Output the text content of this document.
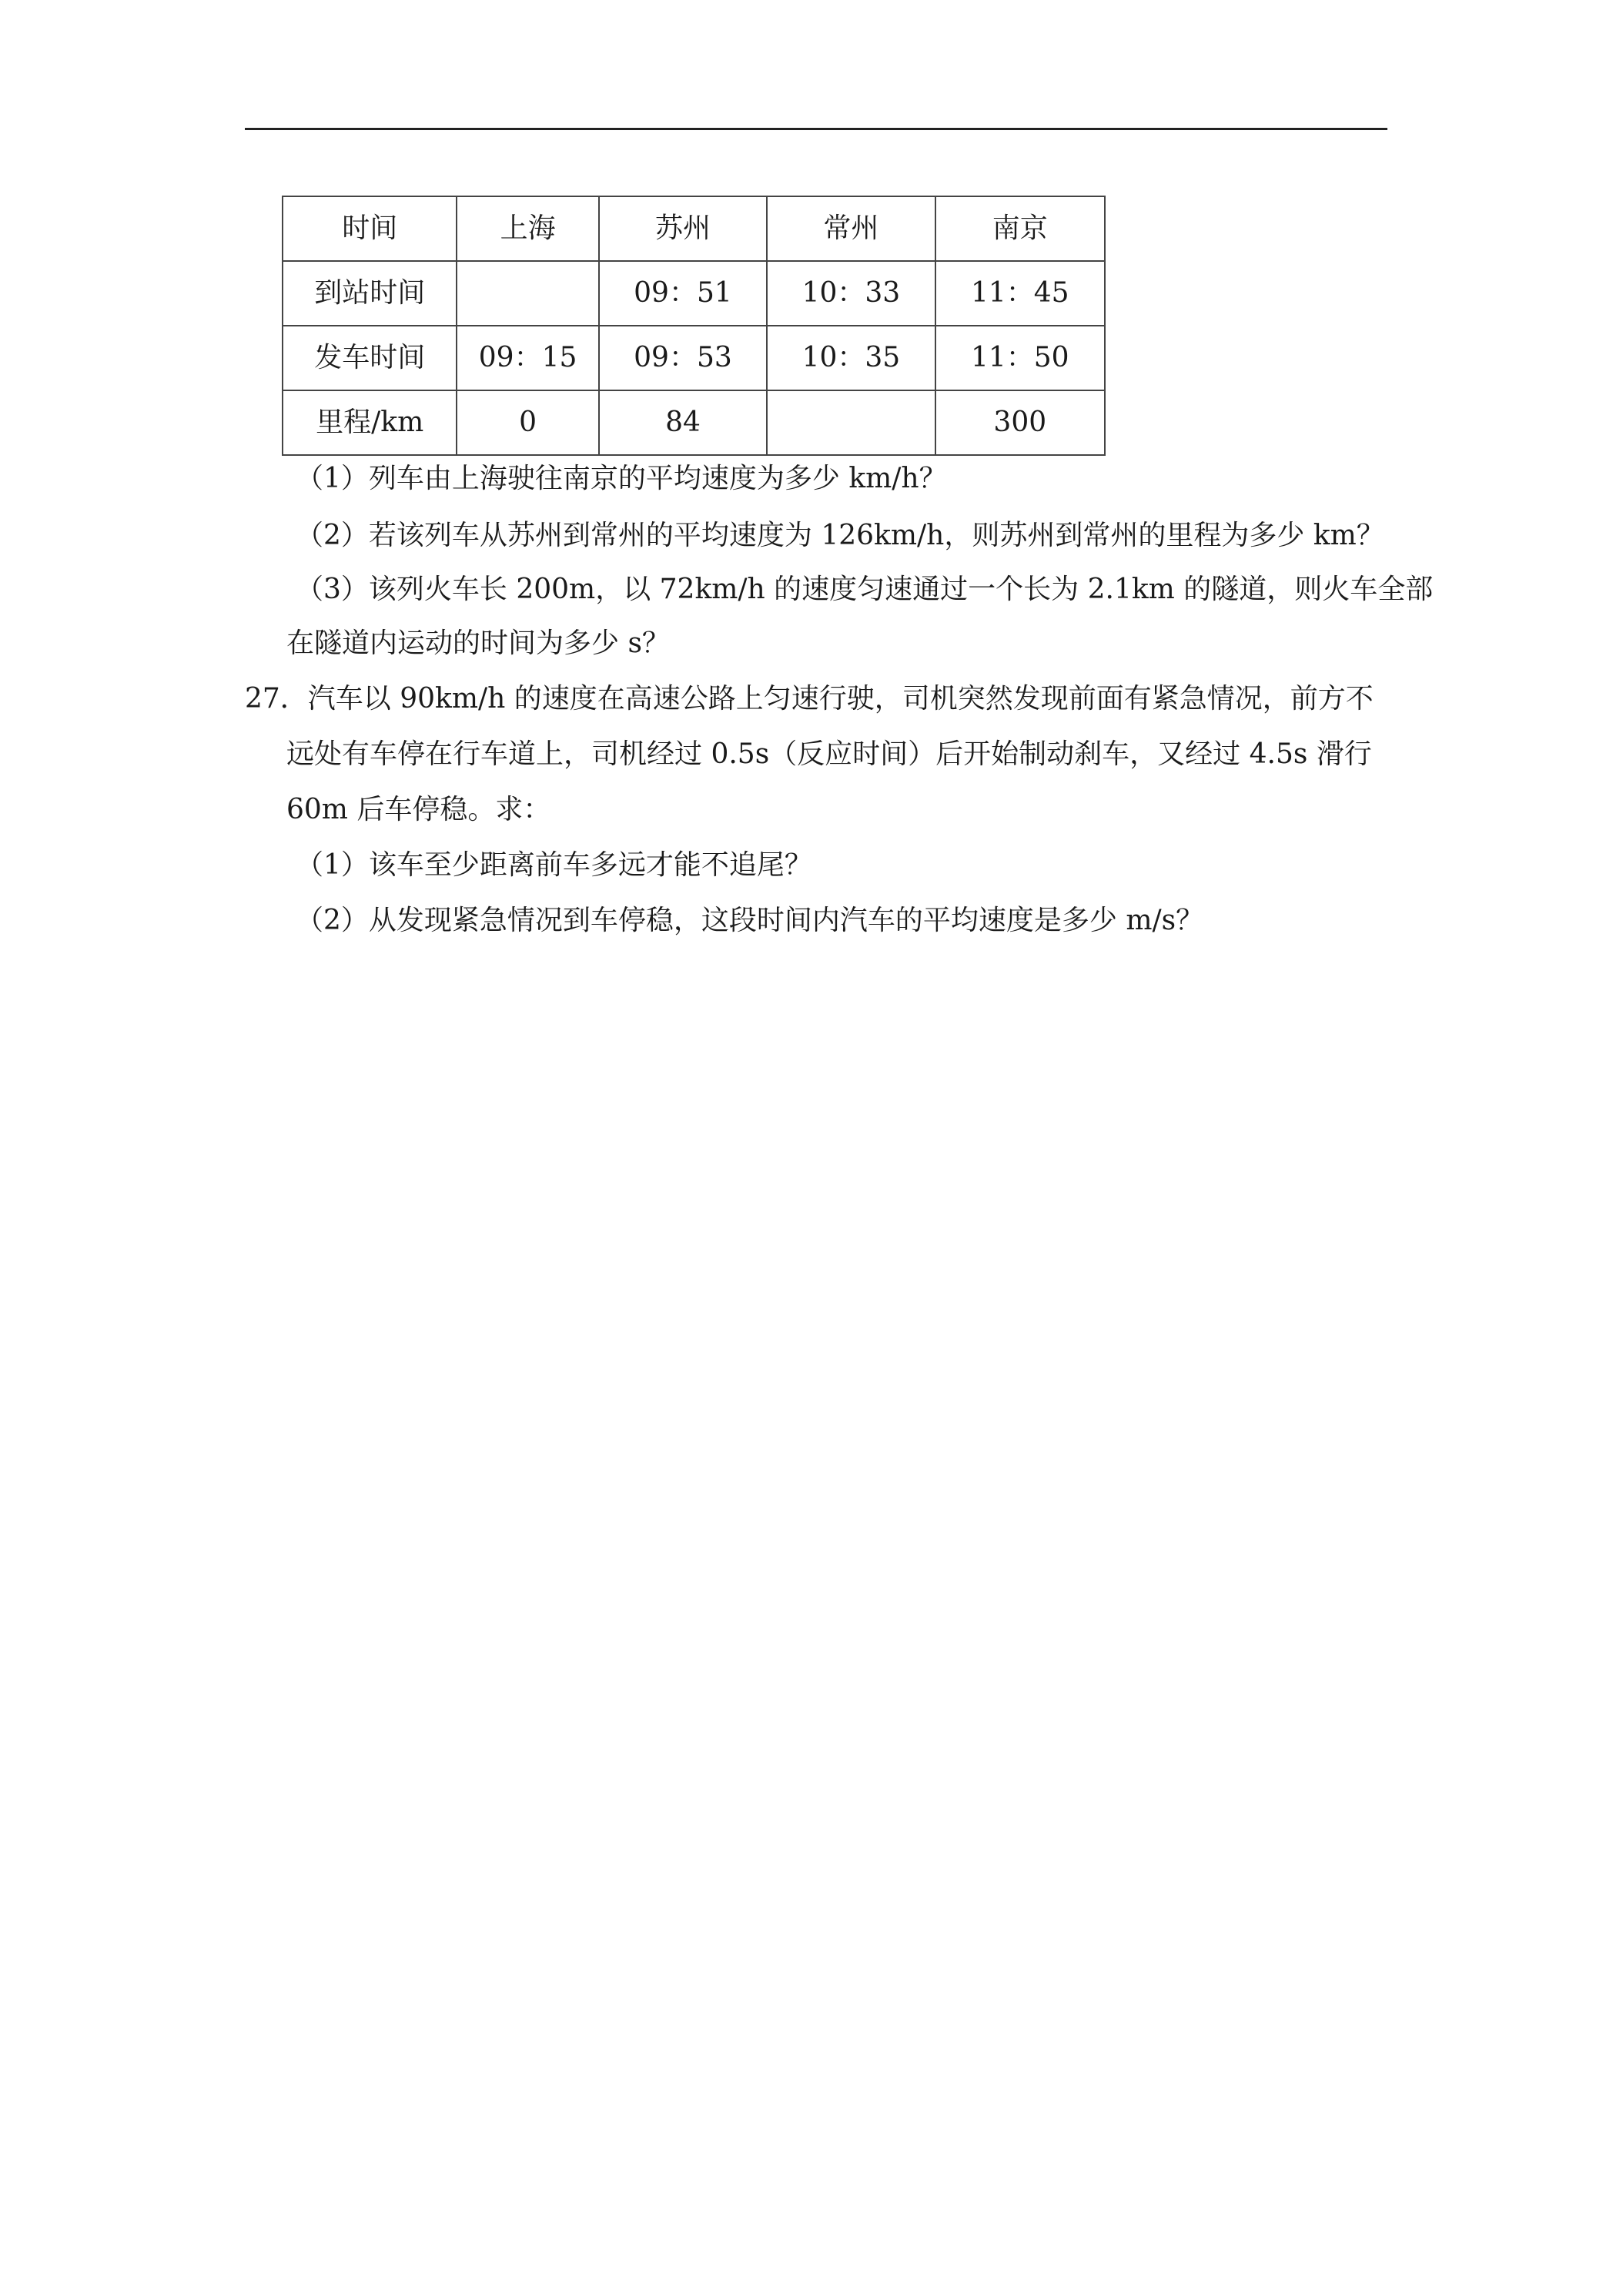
时间	上海	苏州	常州	南京
到站时间		09：51	10：33	11：45
发车时间	09：15	09：53	10：35	11：50
里程/km	0	84		300
（1）列车由上海驶往南京的平均速度为多少 km/h？
（2）若该列车从苏州到常州的平均速度为 126km/h，则苏州到常州的里程为多少 km？
（3）该列火车长 200m，以 72km/h 的速度匀速通过一个长为 2.1km 的隧道，则火车全部
在隧道内运动的时间为多少 s？
27．汽车以 90km/h 的速度在高速公路上匀速行驶，司机突然发现前面有紧急情况，前方不
远处有车停在行车道上，司机经过 0.5s（反应时间）后开始制动刹车，又经过 4.5s 滑行
60m 后车停稳。求：
（1）该车至少距离前车多远才能不追尾？
（2）从发现紧急情况到车停稳，这段时间内汽车的平均速度是多少 m/s？
